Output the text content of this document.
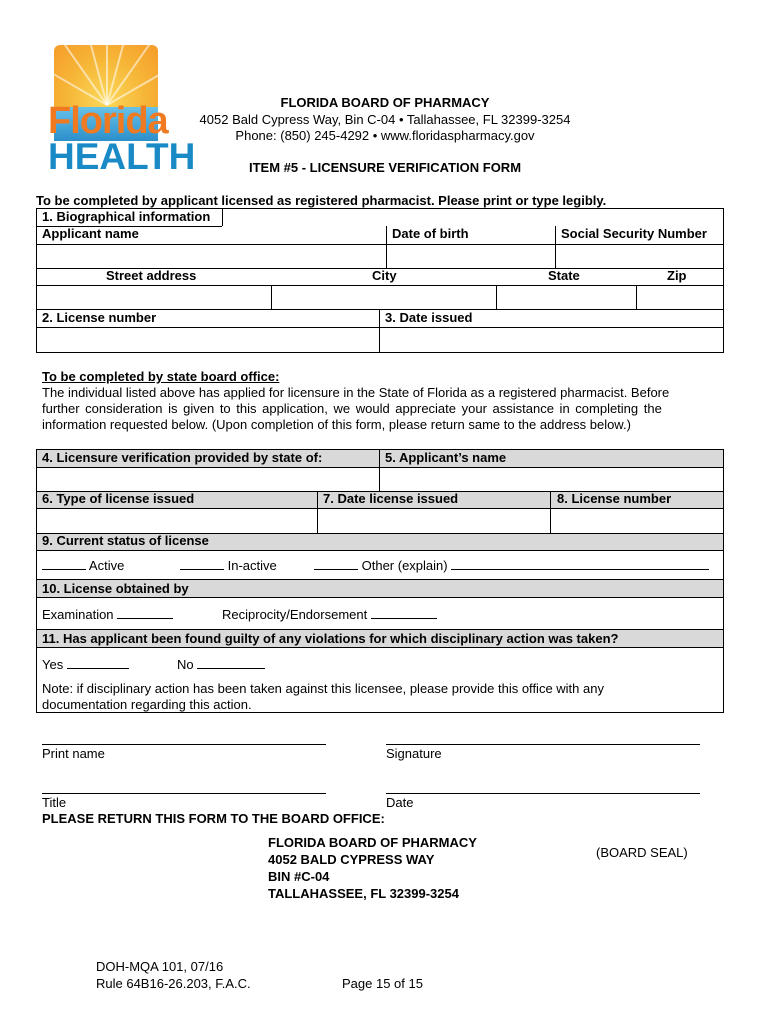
Florida
HEALTH
FLORIDA BOARD OF PHARMACY
4052 Bald Cypress Way, Bin C-04 • Tallahassee, FL 32399-3254
Phone: (850) 245-4292 • www.floridaspharmacy.gov
ITEM #5 - LICENSURE VERIFICATION FORM
To be completed by applicant licensed as registered pharmacist. Please print or type legibly.
1. Biographical information
Applicant name	Date of birth	Social Security Number
Street address	City	State	Zip
2. License number	3. Date issued
To be completed by state board office:
The individual listed above has applied for licensure in the State of Florida as a registered pharmacist. Before
further consideration is given to this application, we would appreciate your assistance in completing the
information requested below. (Upon completion of this form, please return same to the address below.)
4. Licensure verification provided by state of:	5. Applicant’s name
6. Type of license issued	7. Date license issued	8. License number
9. Current status of license
Active	In-active	Other (explain)
10. License obtained by
Examination	Reciprocity/Endorsement
11. Has applicant been found guilty of any violations for which disciplinary action was taken?
Yes	No
Note: if disciplinary action has been taken against this licensee, please provide this office with any
documentation regarding this action.
Print name	Signature
Title	Date
PLEASE RETURN THIS FORM TO THE BOARD OFFICE:
FLORIDA BOARD OF PHARMACY
4052 BALD CYPRESS WAY
BIN #C-04
TALLAHASSEE, FL 32399-3254
(BOARD SEAL)
DOH-MQA 101, 07/16
Rule 64B16-26.203, F.A.C.	Page 15 of 15
